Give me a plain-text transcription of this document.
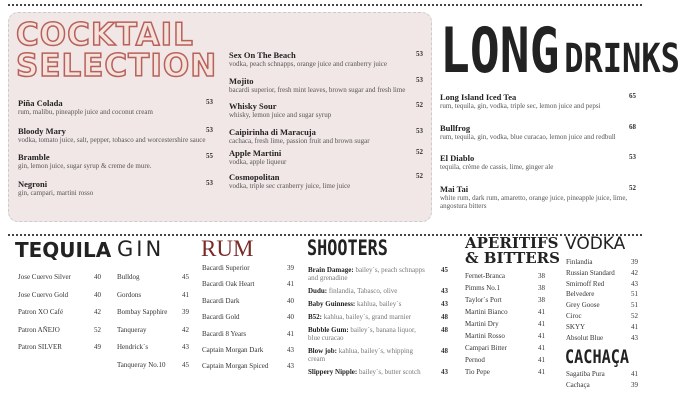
COCKTAIL
SELECTION
Piña Colada
rum, malibu, pineapple juice and coconut cream
53
Bloody Mary
vodka, tomato juice, salt, pepper, tobasco and worcestershire sauce
53
Bramble
gin, lemon juice, sugar syrup & creme de mure.
55
Negroni
gin, campari, martini rosso
53
Sex On The Beach
vodka, peach schnapps, orange juice and cranberry juice
53
Mojito
bacardi superior, fresh mint leaves, brown sugar and fresh lime
53
Whisky Sour
whisky, lemon juice and sugar syrup
52
Caipirinha di Maracuja
cachaca, fresh lime, passion fruit and brown sugar
53
Apple Martini
vodka, apple liqueur
52
Cosmopolitan
vodka, triple sec cranberry juice, lime juice
52
LONG DRINKS
Long Island Iced Tea
rum, tequila, gin, vodka, triple sec, lemon juice and pepsi
65
Bullfrog
rum, tequila, gin, vodka, blue curacao, lemon juice and redbull
68
El Diablo
tequila, crème de cassis, lime, ginger ale
53
Mai Tai
white rum, dark rum, amaretto, orange juice, pineapple juice, lime, angostura bitters
52
TEQUILA GIN RUM	SHOOTERS	APÉRITIFS
& BITTERS
VODKA
CACHAÇA
Jose Cuervo Silver	40
Jose Cuervo Gold	40
Patron XO Café	42
Patron AÑEJO	52
Patron SILVER	49
Bulldog	45
Gordons	41
Bombay Sapphire 39
Tanqueray	42
Hendrick´s	43
Tanqueray No.10 45
Bacardi Superior	39
Bacardi Oak Heart	41
Bacardi Dark	40
Bacardi Gold	40
Bacardi 8 Years	41
Captain Morgan Dark	43
Captain Morgan Spiced	43
Brain Damage: bailey´s, peach schnapps and grenadine
45
Dudu: finlandia, Tabasco, olive	43
Baby Guinness: kahlua, bailey´s	43
B52: kahlua, bailey´s, grand marnier	48
Bubble Gum: bailey´s, banana liquor, blue curacao
48
Blow job: kahlua, bailey´s, whipping cream
48
Slippery Nipple: bailey´s, butter scotch	43
Fernet-Branca	38
Pimms No.1	38
Taylor´s Port	38
Martini Bianco	41
Martini Dry	41
Martini Rosso	41
Campari Bitter	41
Pernod	41
Tio Pepe	41
Finlandia	39
Russian Standard 42
Smirnoff Red	43
Belvedere	51
Grey Goose	51
Ciroc	52
SKYY	41
Absolut Blue	43
Sagatiba Pura	41
Cachaça	39
